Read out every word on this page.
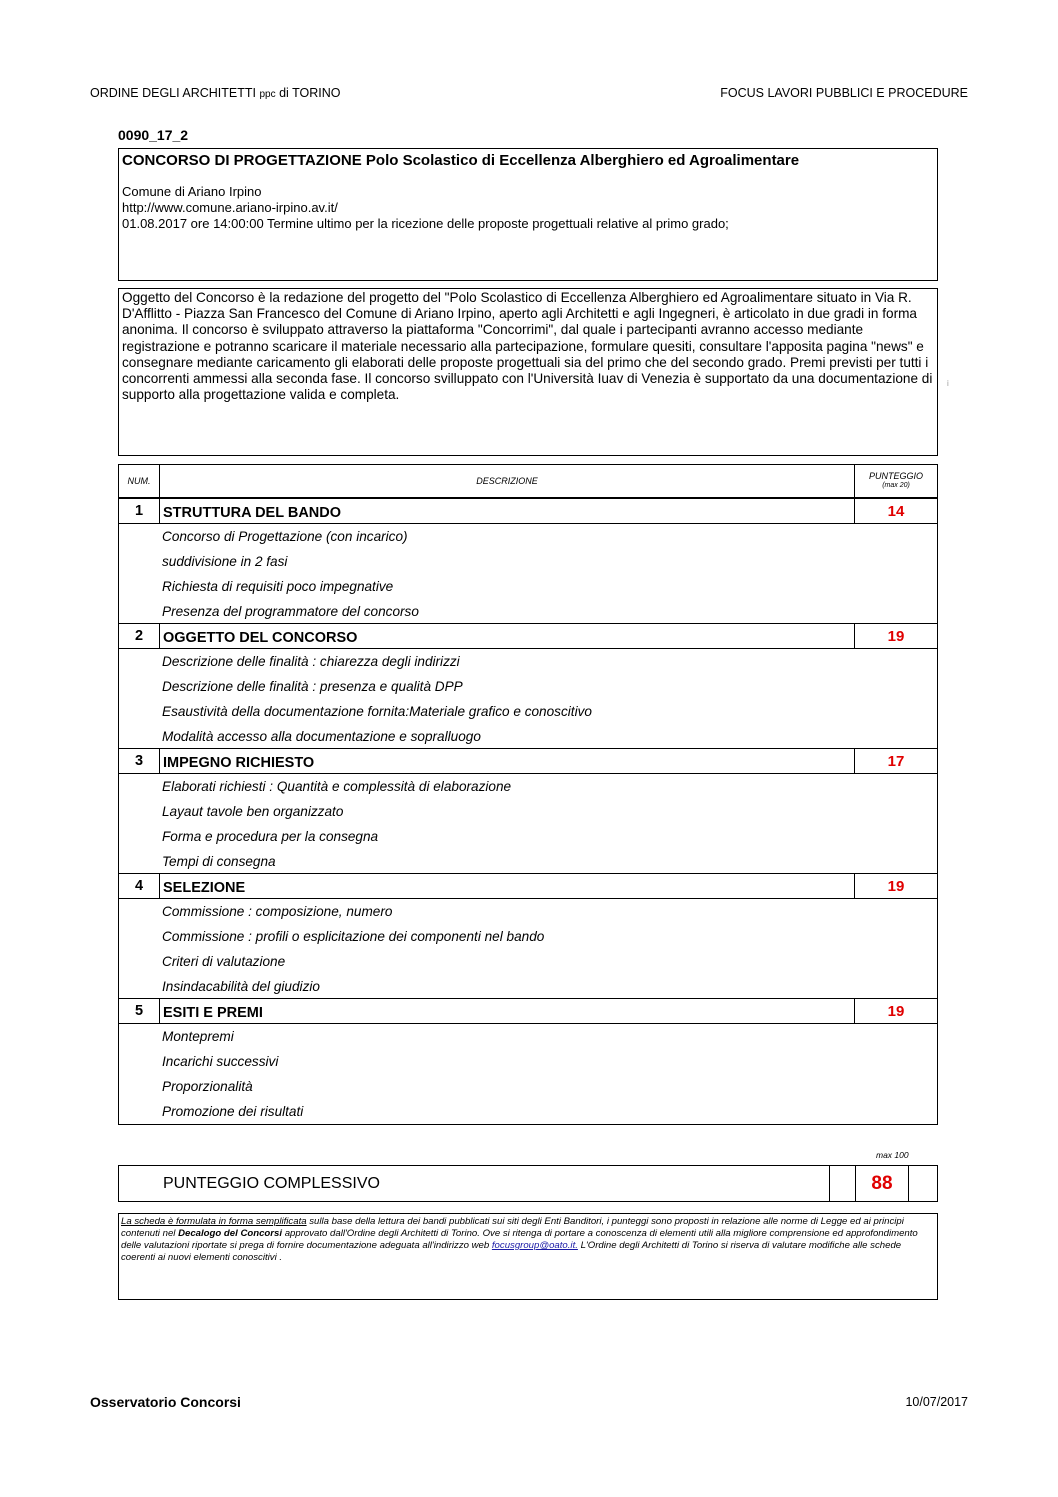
ORDINE DEGLI ARCHITETTI ppc di TORINO	FOCUS LAVORI PUBBLICI E PROCEDURE
0090_17_2
CONCORSO DI PROGETTAZIONE Polo Scolastico di Eccellenza Alberghiero ed Agroalimentare
Comune di Ariano Irpino
http://www.comune.ariano-irpino.av.it/
01.08.2017 ore 14:00:00 Termine ultimo per la ricezione delle proposte progettuali relative al primo grado;
Oggetto del Concorso è la redazione del progetto del "Polo Scolastico di Eccellenza Alberghiero ed Agroalimentare situato in Via R. D'Afflitto - Piazza San Francesco del Comune di Ariano Irpino, aperto agli Architetti e agli Ingegneri, è articolato in due gradi in forma anonima. Il concorso è sviluppato attraverso la piattaforma "Concorrimi", dal quale i partecipanti avranno accesso mediante registrazione e potranno scaricare il materiale necessario alla partecipazione, formulare quesiti, consultare l'apposita pagina "news" e consegnare mediante caricamento gli elaborati delle proposte progettuali sia del primo che del secondo grado. Premi previsti per tutti i concorrenti ammessi alla seconda fase. Il concorso svilluppato con l'Università Iuav di Venezia è supportato da una documentazione di supporto alla progettazione valida e completa.
i
NUM.	DESCRIZIONE	PUNTEGGIO
(max 20)
1	STRUTTURA DEL BANDO	14
Concorso di Progettazione (con incarico)
suddivisione in 2 fasi
Richiesta di requisiti poco impegnative
Presenza del programmatore del concorso
2	OGGETTO DEL CONCORSO	19
Descrizione delle finalità : chiarezza degli indirizzi
Descrizione delle finalità : presenza e qualità DPP
Esaustività della documentazione fornita:Materiale grafico e conoscitivo
Modalità accesso alla documentazione e sopralluogo
3	IMPEGNO RICHIESTO	17
Elaborati richiesti : Quantità e complessità di elaborazione
Layaut tavole ben organizzato
Forma e procedura per la consegna
Tempi di consegna
4	SELEZIONE	19
Commissione : composizione, numero
Commissione : profili o esplicitazione dei componenti nel bando
Criteri di valutazione
Insindacabilità del giudizio
5	ESITI E PREMI	19
Montepremi
Incarichi successivi
Proporzionalità
Promozione dei risultati
max 100
PUNTEGGIO COMPLESSIVO	88
La scheda è formulata in forma semplificata sulla base della lettura dei bandi pubblicati sui siti degli Enti Banditori, i punteggi sono proposti in relazione alle norme di Legge ed ai principi contenuti nel Decalogo del Concorsi approvato dall'Ordine degli Architetti di Torino. Ove si ritenga di portare a conoscenza di elementi utili alla migliore comprensione ed approfondimento delle valutazioni riportate si prega di fornire documentazione adeguata all'indirizzo web focusgroup@oato.it. L'Ordine degli Architetti di Torino si riserva di valutare modifiche alle schede coerenti ai nuovi elementi conoscitivi .
Osservatorio Concorsi	10/07/2017
